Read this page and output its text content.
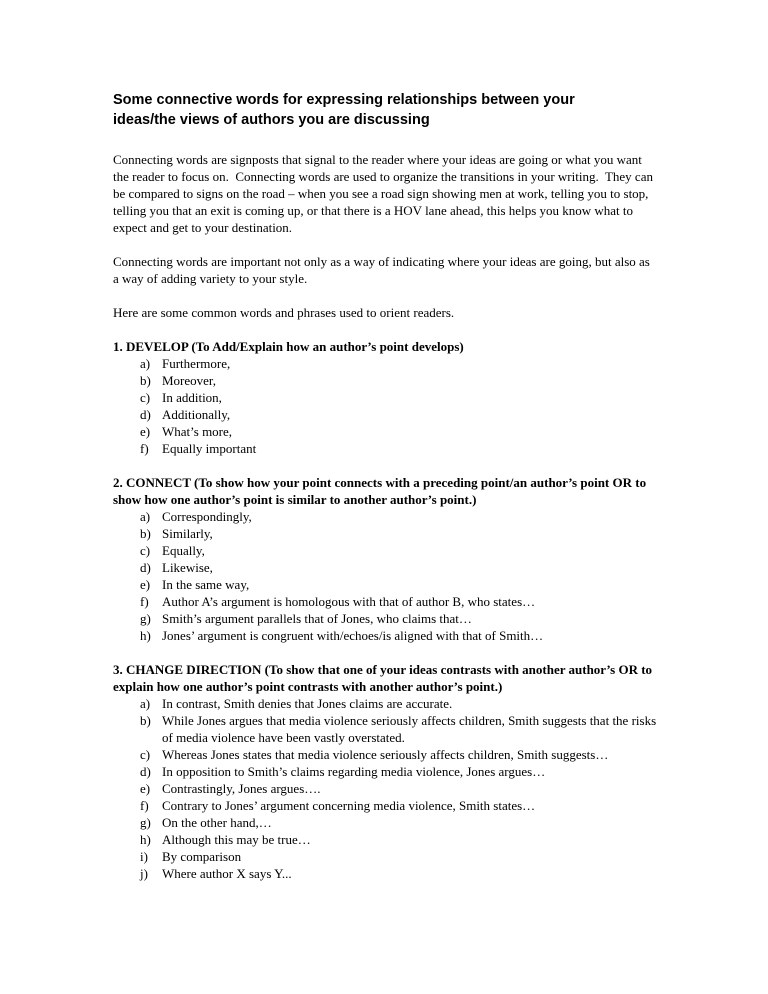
Some connective words for expressing relationships between your ideas/the views of authors you are discussing

Connecting words are signposts that signal to the reader where your ideas are going or what you want the reader to focus on.  Connecting words are used to organize the transitions in your writing.  They can be compared to signs on the road – when you see a road sign showing men at work, telling you to stop, telling you that an exit is coming up, or that there is a HOV lane ahead, this helps you know what to expect and get to your destination.

Connecting words are important not only as a way of indicating where your ideas are going, but also as a way of adding variety to your style.

Here are some common words and phrases used to orient readers.

1. DEVELOP (To Add/Explain how an author’s point develops)
a) Furthermore,
b) Moreover,
c) In addition,
d) Additionally,
e) What’s more,
f)	Equally important
2. CONNECT (To show how your point connects with a preceding point/an author’s point OR to show how one author’s point is similar to another author’s point.)
a) Correspondingly,
b) Similarly,
c) Equally,
d) Likewise,
e) In the same way,
f)	Author A’s argument is homologous with that of author B, who states…
g) Smith’s argument parallels that of Jones, who claims that…
h) Jones’ argument is congruent with/echoes/is aligned with that of Smith…
3. CHANGE DIRECTION (To show that one of your ideas contrasts with another author’s OR to explain how one author’s point contrasts with another author’s point.)
a) In contrast, Smith denies that Jones claims are accurate.
b) While Jones argues that media violence seriously affects children, Smith suggests that the risks of media violence have been vastly overstated.
c) Whereas Jones states that media violence seriously affects children, Smith suggests…
d) In opposition to Smith’s claims regarding media violence, Jones argues…
e) Contrastingly, Jones argues….
f)	Contrary to Jones’ argument concerning media violence, Smith states…
g) On the other hand,…
h) Although this may be true…
i)	By comparison
j)	Where author X says Y...
